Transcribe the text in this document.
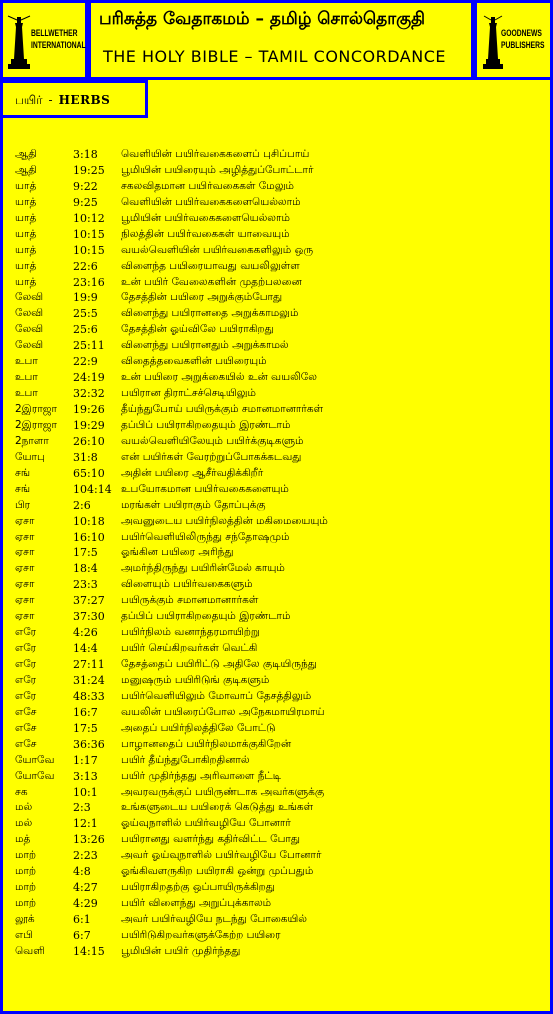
BELLWETHER
INTERNATIONAL
பரிசுத்த வேதாகமம் – தமிழ் சொல்தொகுதி
THE HOLY BIBLE – TAMIL CONCORDANCE
GOODNEWS
PUBLISHERS
பயிர் - HERBS
ஆதி	3:18 வெளியின் பயிர்வகைகளைப் புசிப்பாய்
ஆதி	19:25 பூமியின் பயிரையும் அழித்துப்போட்டார்
யாத்	9:22 சகலவிதமான பயிர்வகைகள் மேலும்
யாத்	9:25 வெளியின் பயிர்வகைகளையெல்லாம்
யாத்	10:12 பூமியின் பயிர்வகைகளையெல்லாம்
யாத்	10:15 நிலத்தின் பயிர்வகைகள் யாவையும்
யாத்	10:15 வயல்வெளியின் பயிர்வகைகளிலும் ஒரு
யாத்	22:6 விளைந்த பயிரையாவது வயலிலுள்ள
யாத்	23:16 உன் பயிர் வேலைகளின் முதற்பலனை
லேவி	19:9 தேசத்தின் பயிரை அறுக்கும்போது
லேவி	25:5 விளைந்து பயிரானதை அறுக்காமலும்
லேவி	25:6 தேசத்தின் ஓய்விலே பயிராகிறது
லேவி	25:11 விளைந்து பயிரானதும் அறுக்காமல்
உபா	22:9 விதைத்தவைகளின் பயிரையும்
உபா	24:19 உன் பயிரை அறுக்கையில் உன் வயலிலே
உபா	32:32 பயிரான திராட்சச்செடியிலும்
2இராஜா 19:26 தீய்ந்துபோய் பயிருக்கும் சமானமானார்கள்
2இராஜா 19:29 தப்பிப் பயிராகிறதையும் இரண்டாம்
2நாளா 26:10 வயல்வெளியிலேயும் பயிர்க்குடிகளும்
யோபு	31:8 என் பயிர்கள் வேரற்றுப்போகக்கடவது
சங்	65:10 அதின் பயிரை ஆசீர்வதிக்கிறீர்
சங்	104:14 உபயோகமான பயிர்வகைகளையும்
பிர	2:6	மரங்கள் பயிராகும் தோப்புக்கு
ஏசா	10:18 அவனுடைய பயிர்நிலத்தின் மகிமையையும்
ஏசா	16:10 பயிர்வெளியிலிருந்து சந்தோஷமும்
ஏசா	17:5 ஓங்கின பயிரை அரிந்து
ஏசா	18:4 அமர்ந்திருந்து பயிரின்மேல் காயும்
ஏசா	23:3 விளையும் பயிர்வகைகளும்
ஏசா	37:27 பயிருக்கும் சமானமானார்கள்
ஏசா	37:30 தப்பிப் பயிராகிறதையும் இரண்டாம்
எரே	4:26 பயிர்நிலம் வனாந்தரமாயிற்று
எரே	14:4 பயிர் செய்கிறவர்கள் வெட்கி
எரே	27:11 தேசத்தைப் பயிரிட்டு அதிலே குடியிருந்து
எரே	31:24 மனுஷரும் பயிரிடுங் குடிகளும்
எரே	48:33 பயிர்வெளியிலும் மோவாப் தேசத்திலும்
எசே	16:7 வயலின் பயிரைப்போல அநேகமாயிரமாய்
எசே	17:5 அதைப் பயிர்நிலத்திலே போட்டு
எசே	36:36 பாழானதைப் பயிர்நிலமாக்குகிறேன்
யோவே 1:17 பயிர் தீய்ந்துபோகிறதினால்
யோவே 3:13 பயிர் முதிர்ந்தது அரிவாளை நீட்டி
சக	10:1 அவரவருக்குப் பயிருண்டாக அவர்களுக்கு
மல்	2:3	உங்களுடைய பயிரைக் கெடுத்து உங்கள்
மல்	12:1 ஓய்வுநாளில் பயிர்வழியே போனார்
மத்	13:26 பயிரானது வளர்ந்து கதிர்விட்ட போது
மாற்	2:23 அவர் ஓய்வுநாளில் பயிர்வழியே போனார்
மாற்	4:8	ஓங்கிவளருகிற பயிராகி ஒன்று முப்பதும்
மாற்	4:27 பயிராகிறதற்கு ஒப்பாயிருக்கிறது
மாற்	4:29 பயிர் விளைந்து அறுப்புக்காலம்
லூக்	6:1	அவர் பயிர்வழியே நடந்து போகையில்
எபி	6:7	பயிரிடுகிறவர்களுக்கேற்ற பயிரை
வெளி	14:15 பூமியின் பயிர் முதிர்ந்தது
